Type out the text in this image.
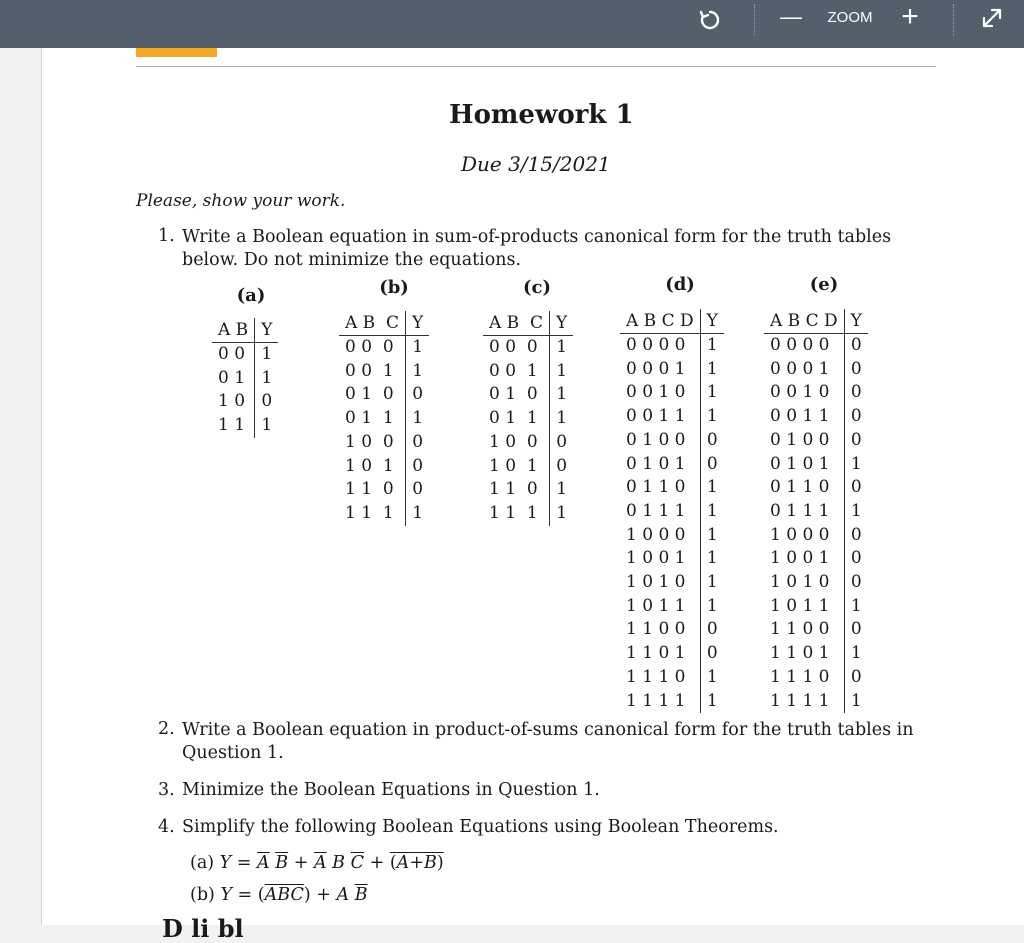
—	ZOOM +
Homework 1
Due 3/15/2021
Please, show your work.
1. Write a Boolean equation in sum-of-products canonical form for the truth tables below. Do not minimize the equations.
(a)	(b)	(c)	(d)	(e)
A B	Y
0 0	1
0 1	1
1 0	0
1 1	1
A B  C	Y
0 0  0	1
0 0  1	1
0 1  0	0
0 1  1	1
1 0  0	0
1 0  1	0
1 1  0	0
1 1  1	1
A B  C	Y
0 0  0	1
0 0  1	1
0 1  0	1
0 1  1	1
1 0  0	0
1 0  1	0
1 1  0	1
1 1  1	1
A B C D	Y
0 0 0 0	1
0 0 0 1	1
0 0 1 0	1
0 0 1 1	1
0 1 0 0	0
0 1 0 1	0
0 1 1 0	1
0 1 1 1	1
1 0 0 0	1
1 0 0 1	1
1 0 1 0	1
1 0 1 1	1
1 1 0 0	0
1 1 0 1	0
1 1 1 0	1
1 1 1 1	1
A B C D	Y
0 0 0 0	0
0 0 0 1	0
0 0 1 0	0
0 0 1 1	0
0 1 0 0	0
0 1 0 1	1
0 1 1 0	0
0 1 1 1	1
1 0 0 0	0
1 0 0 1	0
1 0 1 0	0
1 0 1 1	1
1 1 0 0	0
1 1 0 1	1
1 1 1 0	0
1 1 1 1	1
2. Write a Boolean equation in product-of-sums canonical form for the truth tables in Question 1.
3. Minimize the Boolean Equations in Question 1.
4. Simplify the following Boolean Equations using Boolean Theorems.
(a) $Y = \overline{A}$ $\overline{B} + \overline{A}$ B $\overline{C} + (A+B)$
(b) $Y = (\overline{ABC}) + A$ $\overline{B}$
D li bl
